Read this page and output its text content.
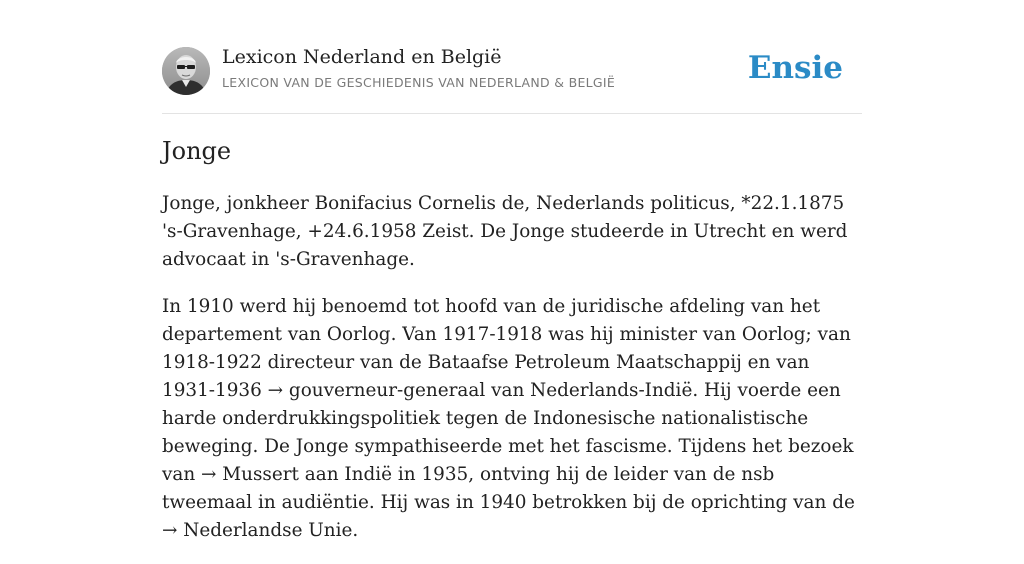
Lexicon Nederland en België
LEXICON VAN DE GESCHIEDENIS VAN NEDERLAND & BELGIË	Ensie
Jonge

Jonge, jonkheer Bonifacius Cornelis de, Nederlands politicus, *22.1.1875 's-Gravenhage, +24.6.1958 Zeist. De Jonge studeerde in Utrecht en werd advocaat in 's-Gravenhage.

In 1910 werd hij benoemd tot hoofd van de juridische afdeling van het departement van Oorlog. Van 1917-1918 was hij minister van Oorlog; van 1918-1922 directeur van de Bataafse Petroleum Maatschappij en van 1931-1936 → gouverneur-generaal van Nederlands-Indië. Hij voerde een harde onderdrukkingspolitiek tegen de Indonesische nationalistische beweging. De Jonge sympathiseerde met het fascisme. Tijdens het bezoek van → Mussert aan Indië in 1935, ontving hij de leider van de nsb tweemaal in audiëntie. Hij was in 1940 betrokken bij de oprichting van de → Nederlandse Unie.
